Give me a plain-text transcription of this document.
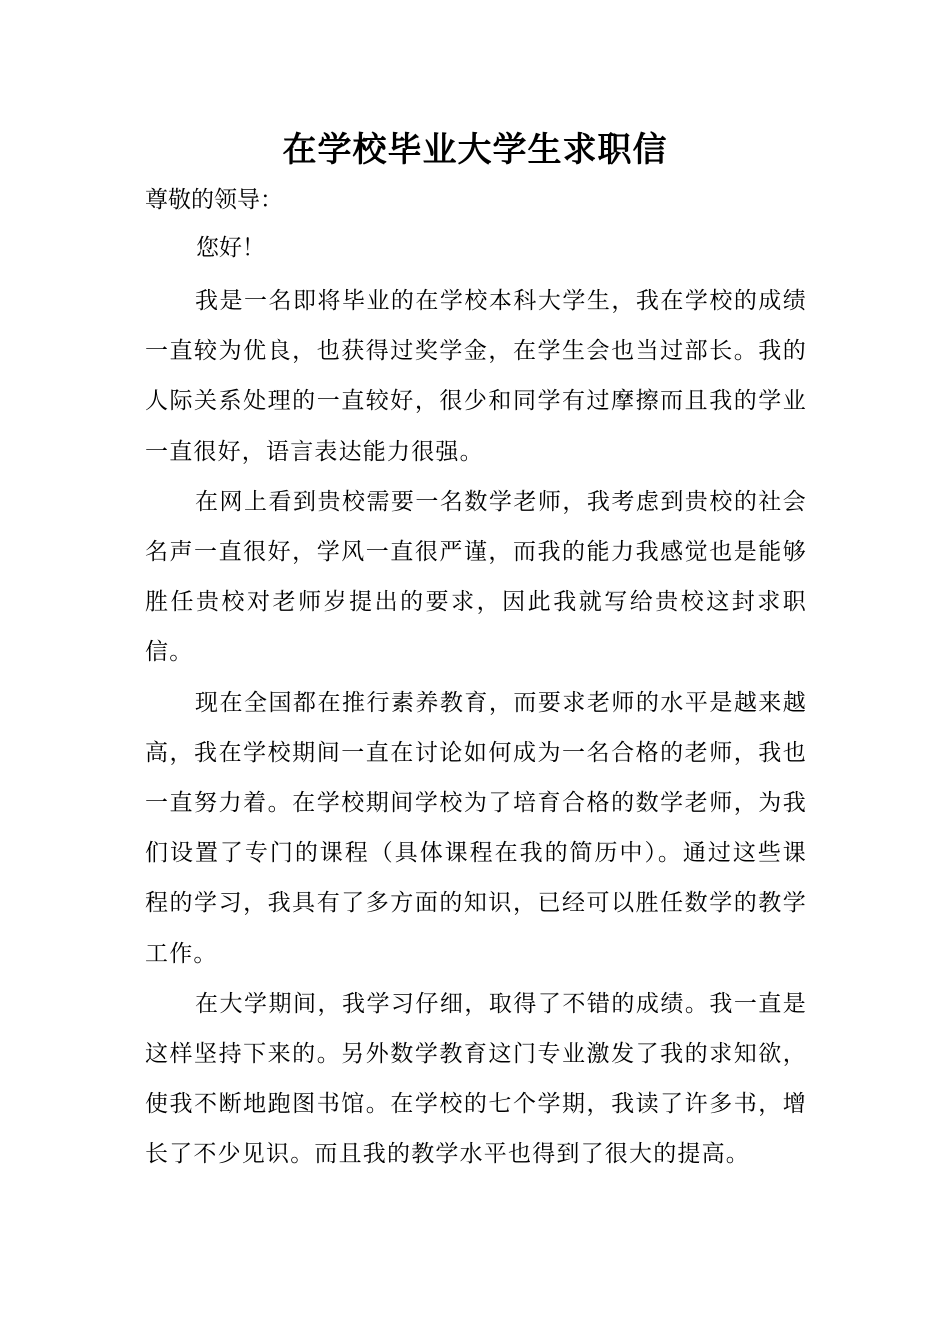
在学校毕业大学生求职信

尊敬的领导：

您好！

我是一名即将毕业的在学校本科大学生，我在学校的成绩一直较为优良，也获得过奖学金，在学生会也当过部长。我的人际关系处理的一直较好，很少和同学有过摩擦而且我的学业一直很好，语言表达能力很强。

在网上看到贵校需要一名数学老师，我考虑到贵校的社会名声一直很好，学风一直很严谨，而我的能力我感觉也是能够胜任贵校对老师岁提出的要求，因此我就写给贵校这封求职信。

现在全国都在推行素养教育，而要求老师的水平是越来越高，我在学校期间一直在讨论如何成为一名合格的老师，我也一直努力着。在学校期间学校为了培育合格的数学老师，为我们设置了专门的课程（具体课程在我的简历中）。通过这些课程的学习，我具有了多方面的知识，已经可以胜任数学的教学工作。

在大学期间，我学习仔细，取得了不错的成绩。我一直是这样坚持下来的。另外数学教育这门专业激发了我的求知欲，使我不断地跑图书馆。在学校的七个学期，我读了许多书，增长了不少见识。而且我的教学水平也得到了很大的提高。
